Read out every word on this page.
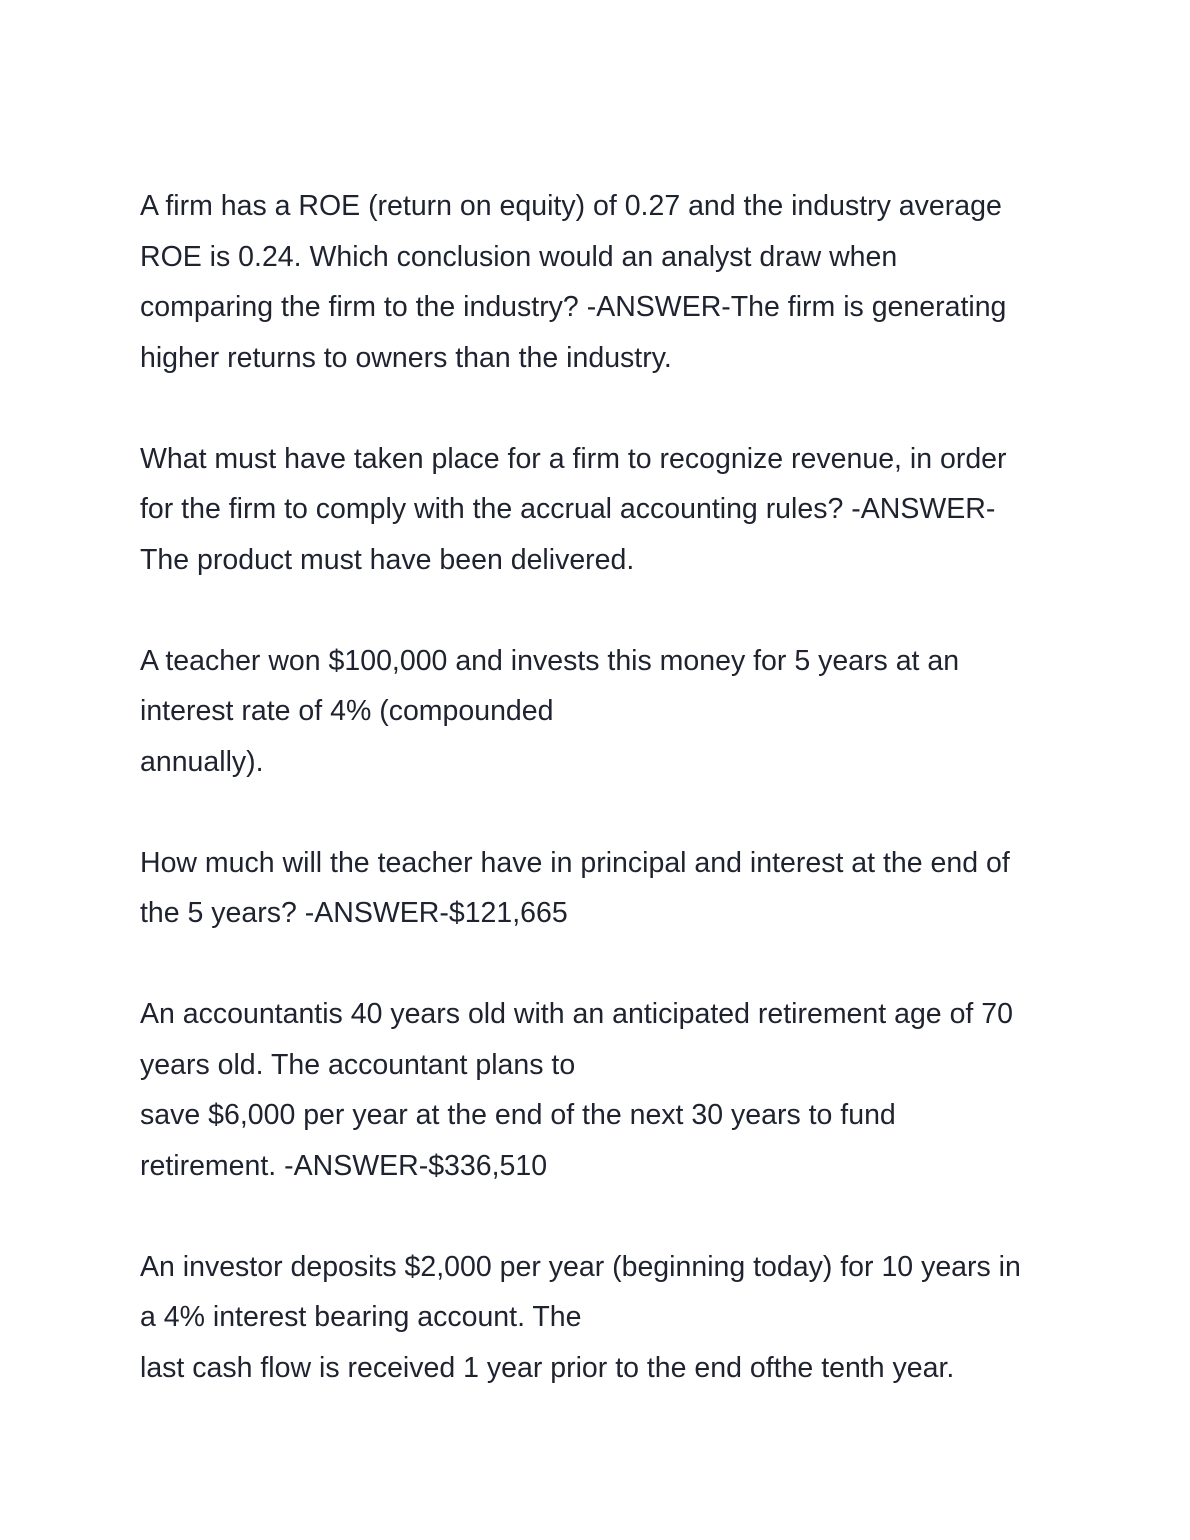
A firm has a ROE (return on equity) of 0.27 and the industry average
ROE is 0.24. Which conclusion would an analyst draw when
comparing the firm to the industry? -ANSWER-The firm is generating
higher returns to owners than the industry.

What must have taken place for a firm to recognize revenue, in order
for the firm to comply with the accrual accounting rules? -ANSWER-
The product must have been delivered.

A teacher won $100,000 and invests this money for 5 years at an
interest rate of 4% (compounded
annually).

How much will the teacher have in principal and interest at the end of
the 5 years? -ANSWER-$121,665

An accountantis 40 years old with an anticipated retirement age of 70
years old. The accountant plans to
save $6,000 per year at the end of the next 30 years to fund
retirement. -ANSWER-$336,510

An investor deposits $2,000 per year (beginning today) for 10 years in
a 4% interest bearing account. The
last cash flow is received 1 year prior to the end ofthe tenth year.
